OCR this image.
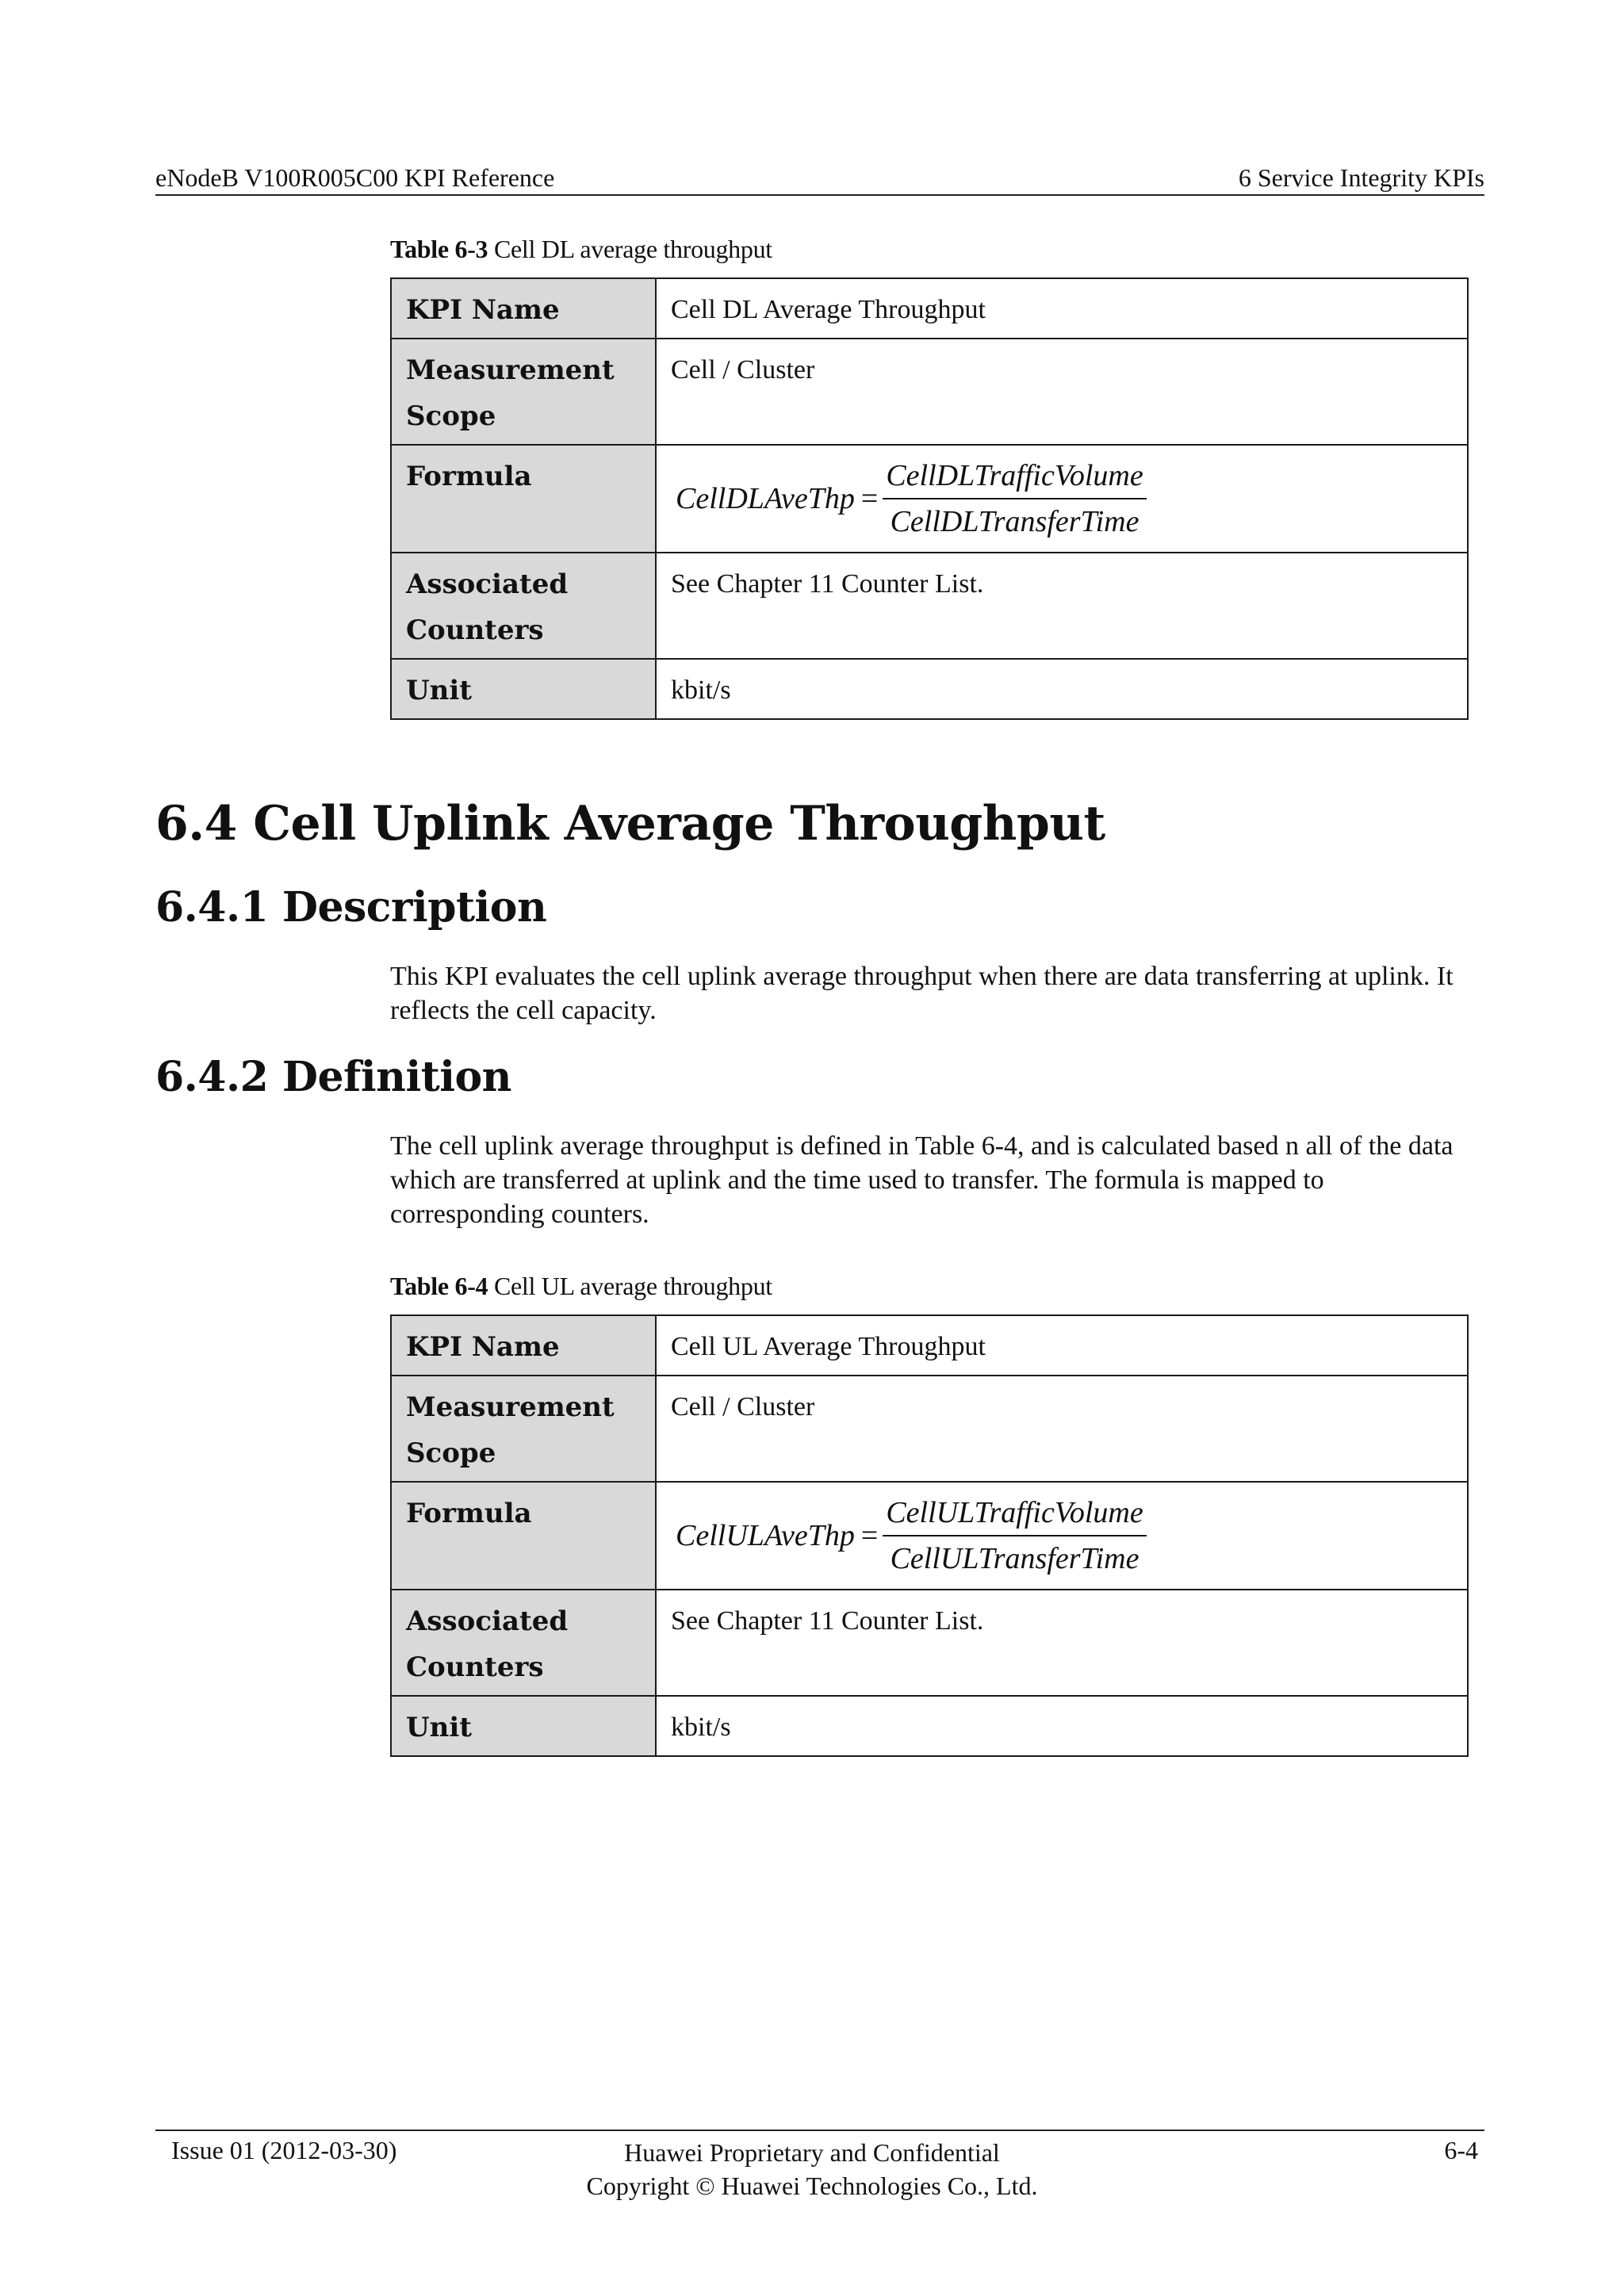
eNodeB V100R005C00 KPI Reference	6 Service Integrity KPIs
Table 6-3 Cell DL average throughput
KPI Name	Cell DL Average Throughput
Measurement Scope	Cell / Cluster
Formula	CellDLAveThp = $\frac{\text{CellDLTrafficVolume}}{\text{CellDLTransferTime}}$

Associated Counters	See Chapter 11 Counter List.
Unit	kbit/s
6.4 Cell Uplink Average Throughput
6.4.1 Description

This KPI evaluates the cell uplink average throughput when there are data transferring at uplink. It reflects the cell capacity.

6.4.2 Definition

The cell uplink average throughput is defined in Table 6-4, and is calculated based n all of the data which are transferred at uplink and the time used to transfer. The formula is mapped to corresponding counters.

Table 6-4 Cell UL average throughput
KPI Name	Cell UL Average Throughput
Measurement Scope	Cell / Cluster
Formula	CellULAveThp = $\frac{\text{CellULTrafficVolume}}{\text{CellULTransferTime}}$

Associated Counters	See Chapter 11 Counter List.
Unit	kbit/s
Issue 01 (2012-03-30)	Huawei Proprietary and Confidential
Copyright © Huawei Technologies Co., Ltd.
6-4
